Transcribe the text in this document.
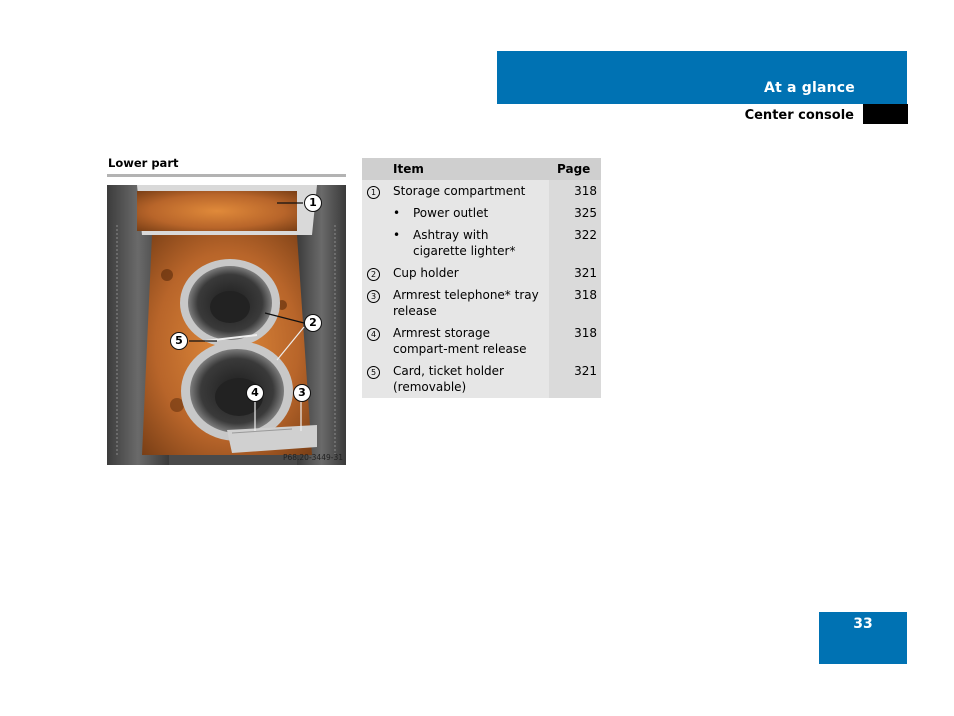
At a glance
Center console
Lower part
1
2
3
4
5
P68.20-3449-31
	Item	Page
1	Storage compartment	318
	• Power outlet	325
	• Ashtray with cigarette lighter*	322
2	Cup holder	321
3	Armrest telephone* tray release	318
4	Armrest storage compart-ment release	318
5	Card, ticket holder (removable)	321
33
